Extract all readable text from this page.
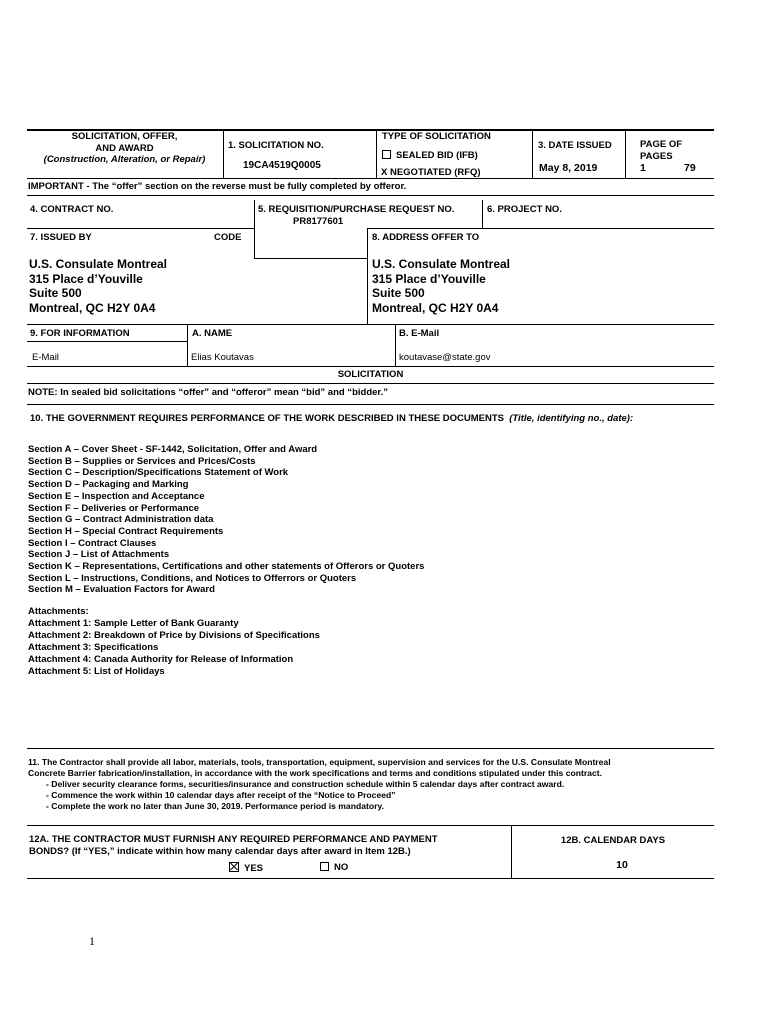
SOLICITATION, OFFER,
AND AWARD
(Construction, Alteration, or Repair)
1. SOLICITATION NO.
19CA4519Q0005
TYPE OF SOLICITATION
SEALED BID (IFB)
X NEGOTIATED (RFQ)
3. DATE ISSUED
May 8, 2019
PAGE OF
PAGES
1	79
IMPORTANT - The “offer” section on the reverse must be fully completed by offeror.
4. CONTRACT NO.	5. REQUISITION/PURCHASE REQUEST NO.
PR8177601
6. PROJECT NO.
7. ISSUED BY	CODE	8. ADDRESS OFFER TO
U.S. Consulate Montreal
315 Place d’Youville
Suite 500
Montreal, QC H2Y 0A4
U.S. Consulate Montreal
315 Place d’Youville
Suite 500
Montreal, QC H2Y 0A4
9. FOR INFORMATION	A. NAME	B. E-Mail
E-Mail	Elias Koutavas	koutavase@state.gov
SOLICITATION
NOTE: In sealed bid solicitations “offer” and “offeror” mean “bid” and “bidder.”
10. THE GOVERNMENT REQUIRES PERFORMANCE OF THE WORK DESCRIBED IN THESE DOCUMENTS (Title, identifying no., date):
Section A – Cover Sheet - SF-1442, Solicitation, Offer and Award
Section B – Supplies or Services and Prices/Costs
Section C – Description/Specifications Statement of Work
Section D – Packaging and Marking
Section E – Inspection and Acceptance
Section F – Deliveries or Performance
Section G – Contract Administration data
Section H – Special Contract Requirements
Section I – Contract Clauses
Section J – List of Attachments
Section K – Representations, Certifications and other statements of Offerors or Quoters
Section L – Instructions, Conditions, and Notices to Offerrors or Quoters
Section M – Evaluation Factors for Award
Attachments:
Attachment 1: Sample Letter of Bank Guaranty
Attachment 2: Breakdown of Price by Divisions of Specifications
Attachment 3: Specifications
Attachment 4: Canada Authority for Release of Information
Attachment 5: List of Holidays
11. The Contractor shall provide all labor, materials, tools, transportation, equipment, supervision and services for the U.S. Consulate Montreal
Concrete Barrier fabrication/installation, in accordance with the work specifications and terms and conditions stipulated under this contract.
- Deliver security clearance forms, securities/insurance and construction schedule within 5 calendar days after contract award.
- Commence the work within 10 calendar days after receipt of the “Notice to Proceed”
- Complete the work no later than June 30, 2019. Performance period is mandatory.
12A. THE CONTRACTOR MUST FURNISH ANY REQUIRED PERFORMANCE AND PAYMENT
BONDS? (If “YES,” indicate within how many calendar days after award in Item 12B.)
YES	NO
12B. CALENDAR DAYS
10
1
